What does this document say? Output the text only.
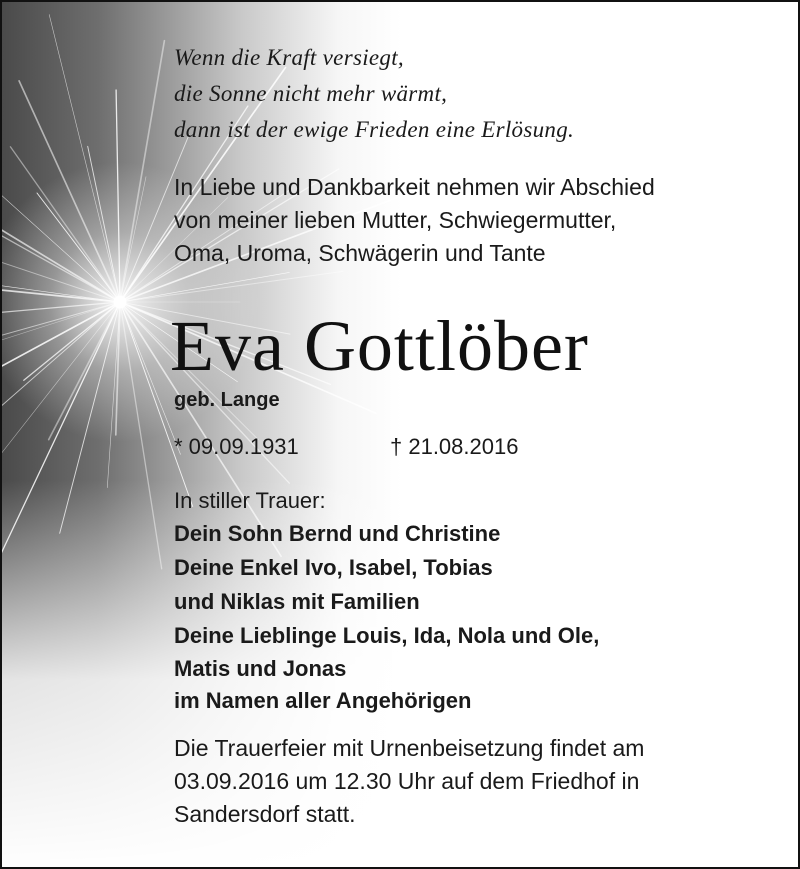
Wenn die Kraft versiegt,
die Sonne nicht mehr wärmt,
dann ist der ewige Frieden eine Erlösung.
In Liebe und Dankbarkeit nehmen wir Abschied
von meiner lieben Mutter, Schwiegermutter,
Oma, Uroma, Schwägerin und Tante
Eva Gottlöber
geb. Lange
* 09.09.1931	† 21.08.2016
In stiller Trauer:
Dein Sohn Bernd und Christine
Deine Enkel Ivo, Isabel, Tobias
und Niklas mit Familien
Deine Lieblinge Louis, Ida, Nola und Ole,
Matis und Jonas
im Namen aller Angehörigen
Die Trauerfeier mit Urnenbeisetzung findet am
03.09.2016 um 12.30 Uhr auf dem Friedhof in
Sandersdorf statt.
